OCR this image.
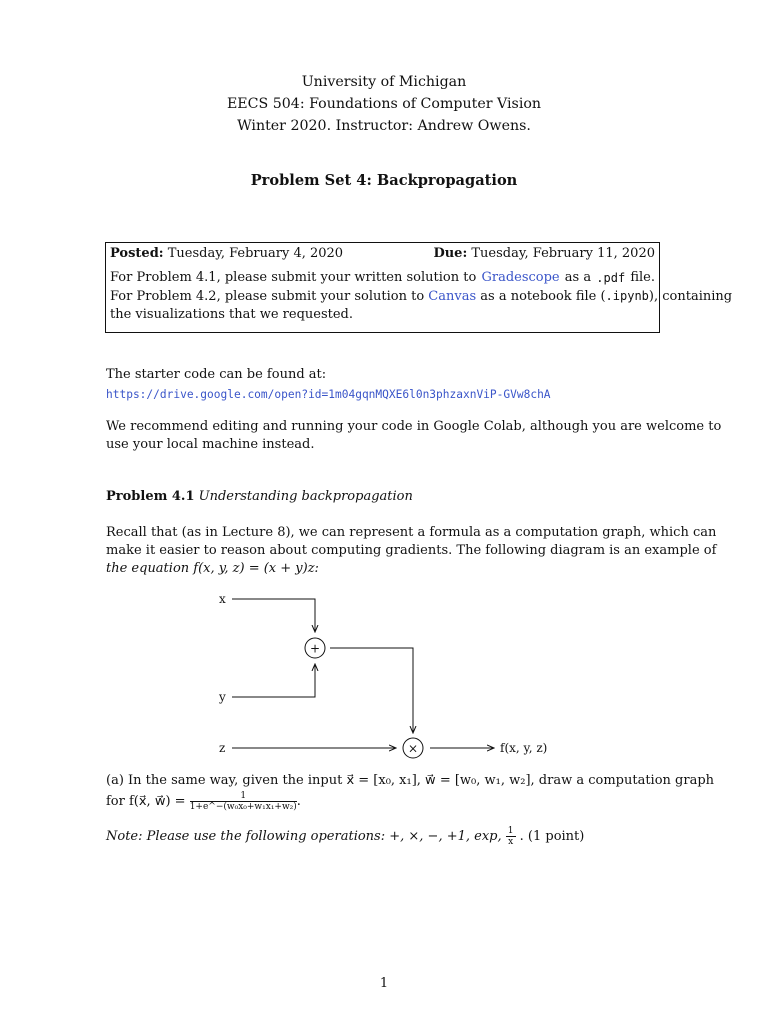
University of Michigan
EECS 504: Foundations of Computer Vision
Winter 2020. Instructor: Andrew Owens.
Problem Set 4: Backpropagation
Posted: Tuesday, February 4, 2020	Due: Tuesday, February 11, 2020
For Problem 4.1, please submit your written solution to Gradescope as a .pdf file.
For Problem 4.2, please submit your solution to Canvas as a notebook file (.ipynb), containing
the visualizations that we requested.
The starter code can be found at:
https://drive.google.com/open?id=1m04gqnMQXE6l0n3phzaxnViP-GVw8chA
We recommend editing and running your code in Google Colab, although you are welcome to
use your local machine instead.
Problem 4.1 Understanding backpropagation
Recall that (as in Lecture 8), we can represent a formula as a computation graph, which can
make it easier to reason about computing gradients. The following diagram is an example of
the equation f(x, y, z) = (x + y)z:
x
+
y
z	×	f(x, y, z)
(a) In the same way, given the input x⃗ = [x₀, x₁], w⃗ = [w₀, w₁, w₂], draw a computation graph
for f(x⃗, w⃗) = $\frac{1}{\text{1+e\textasciicircum{}−(w₀x₀+w₁x₁+w₂)}}$ .
Note: Please use the following operations: +, ×, −, +1, exp, $\frac{1}{x}$ . (1 point)
1
